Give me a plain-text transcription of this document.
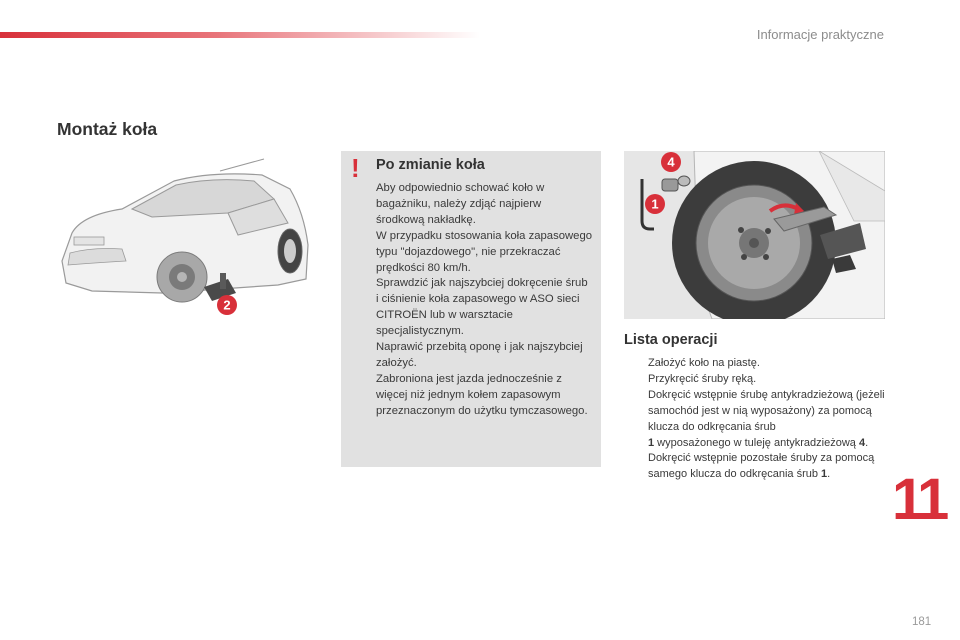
Informacje praktyczne
Montaż koła
2
! Po zmianie koła

Aby odpowiednio schować koło w bagażniku, należy zdjąć najpierw środkową nakładkę.

W przypadku stosowania koła zapasowego typu "dojazdowego", nie przekraczać prędkości 80 km/h.

Sprawdzić jak najszybciej dokręcenie śrub i ciśnienie koła zapasowego w ASO sieci CITROËN lub w warsztacie specjalistycznym.

Naprawić przebitą oponę i jak najszybciej założyć.

Zabroniona jest jazda jednocześnie z więcej niż jednym kołem zapasowym przeznaczonym do użytku tymczasowego.

4
1
Lista operacji
Założyć koło na piastę.
Przykręcić śruby ręką.
Dokręcić wstępnie śrubę antykradzieżową (jeżeli samochód jest w nią wyposażony) za pomocą klucza do odkręcania śrub
1 wyposażonego w tuleję antykradzieżową 4.
Dokręcić wstępnie pozostałe śruby za pomocą samego klucza do odkręcania śrub 1.	11
181
